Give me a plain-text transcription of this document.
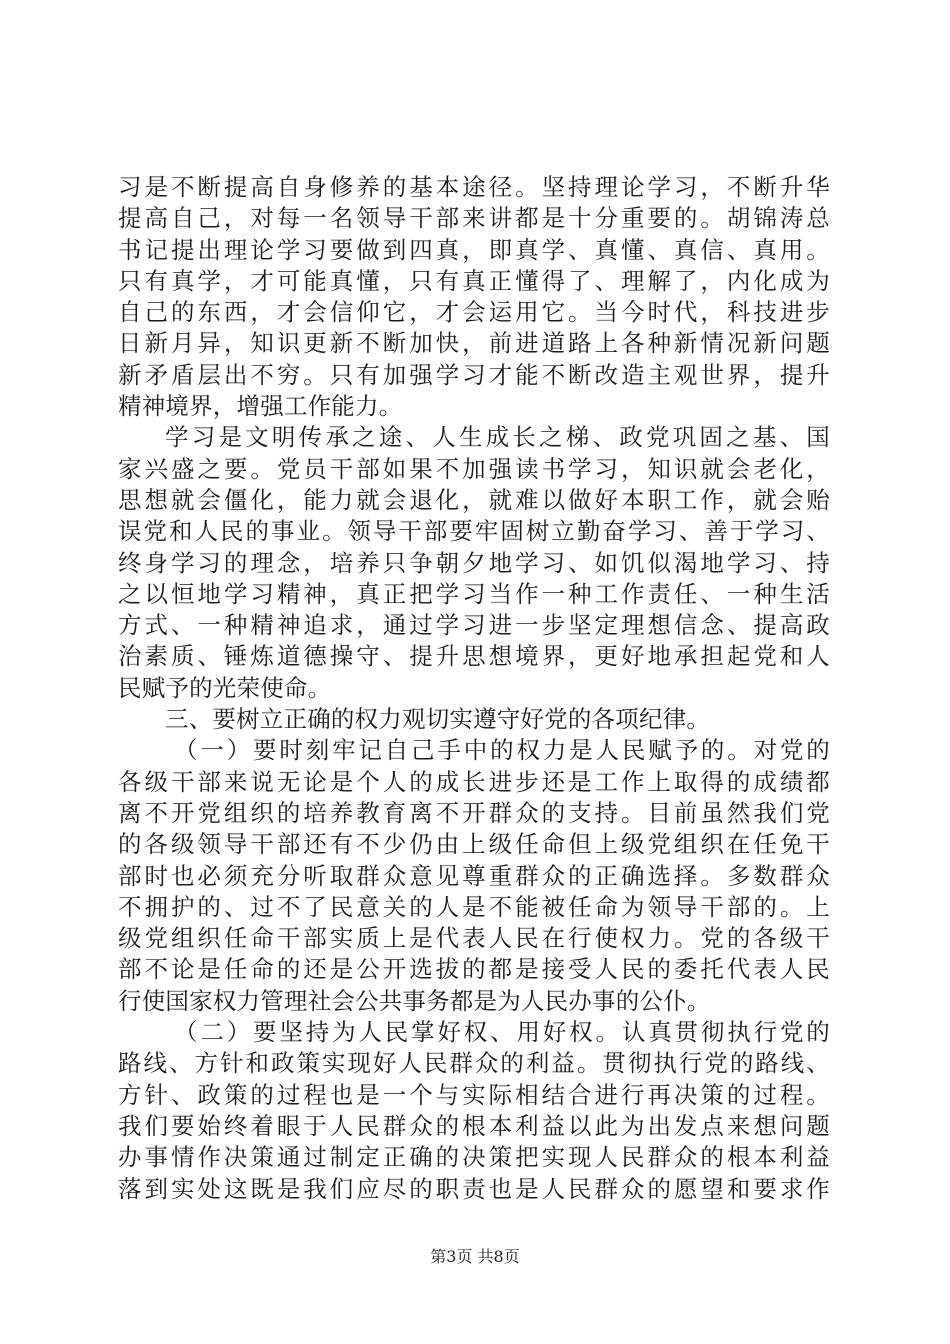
习是不断提高自身修养的基本途径。坚持理论学习，不断升华
提高自己，对每一名领导干部来讲都是十分重要的。胡锦涛总
书记提出理论学习要做到四真，即真学、真懂、真信、真用。
只有真学，才可能真懂，只有真正懂得了、理解了，内化成为
自己的东西，才会信仰它，才会运用它。当今时代，科技进步
日新月异，知识更新不断加快，前进道路上各种新情况新问题
新矛盾层出不穷。只有加强学习才能不断改造主观世界，提升
精神境界，增强工作能力。
学习是文明传承之途、人生成长之梯、政党巩固之基、国
家兴盛之要。党员干部如果不加强读书学习，知识就会老化，
思想就会僵化，能力就会退化，就难以做好本职工作，就会贻
误党和人民的事业。领导干部要牢固树立勤奋学习、善于学习、
终身学习的理念，培养只争朝夕地学习、如饥似渴地学习、持
之以恒地学习精神，真正把学习当作一种工作责任、一种生活
方式、一种精神追求，通过学习进一步坚定理想信念、提高政
治素质、锤炼道德操守、提升思想境界，更好地承担起党和人
民赋予的光荣使命。
三、要树立正确的权力观切实遵守好党的各项纪律。
（一）要时刻牢记自己手中的权力是人民赋予的。对党的
各级干部来说无论是个人的成长进步还是工作上取得的成绩都
离不开党组织的培养教育离不开群众的支持。目前虽然我们党
的各级领导干部还有不少仍由上级任命但上级党组织在任免干
部时也必须充分听取群众意见尊重群众的正确选择。多数群众
不拥护的、过不了民意关的人是不能被任命为领导干部的。上
级党组织任命干部实质上是代表人民在行使权力。党的各级干
部不论是任命的还是公开选拔的都是接受人民的委托代表人民
行使国家权力管理社会公共事务都是为人民办事的公仆。
（二）要坚持为人民掌好权、用好权。认真贯彻执行党的
路线、方针和政策实现好人民群众的利益。贯彻执行党的路线、
方针、政策的过程也是一个与实际相结合进行再决策的过程。
我们要始终着眼于人民群众的根本利益以此为出发点来想问题
办事情作决策通过制定正确的决策把实现人民群众的根本利益
落到实处这既是我们应尽的职责也是人民群众的愿望和要求作
第3页 共8页
